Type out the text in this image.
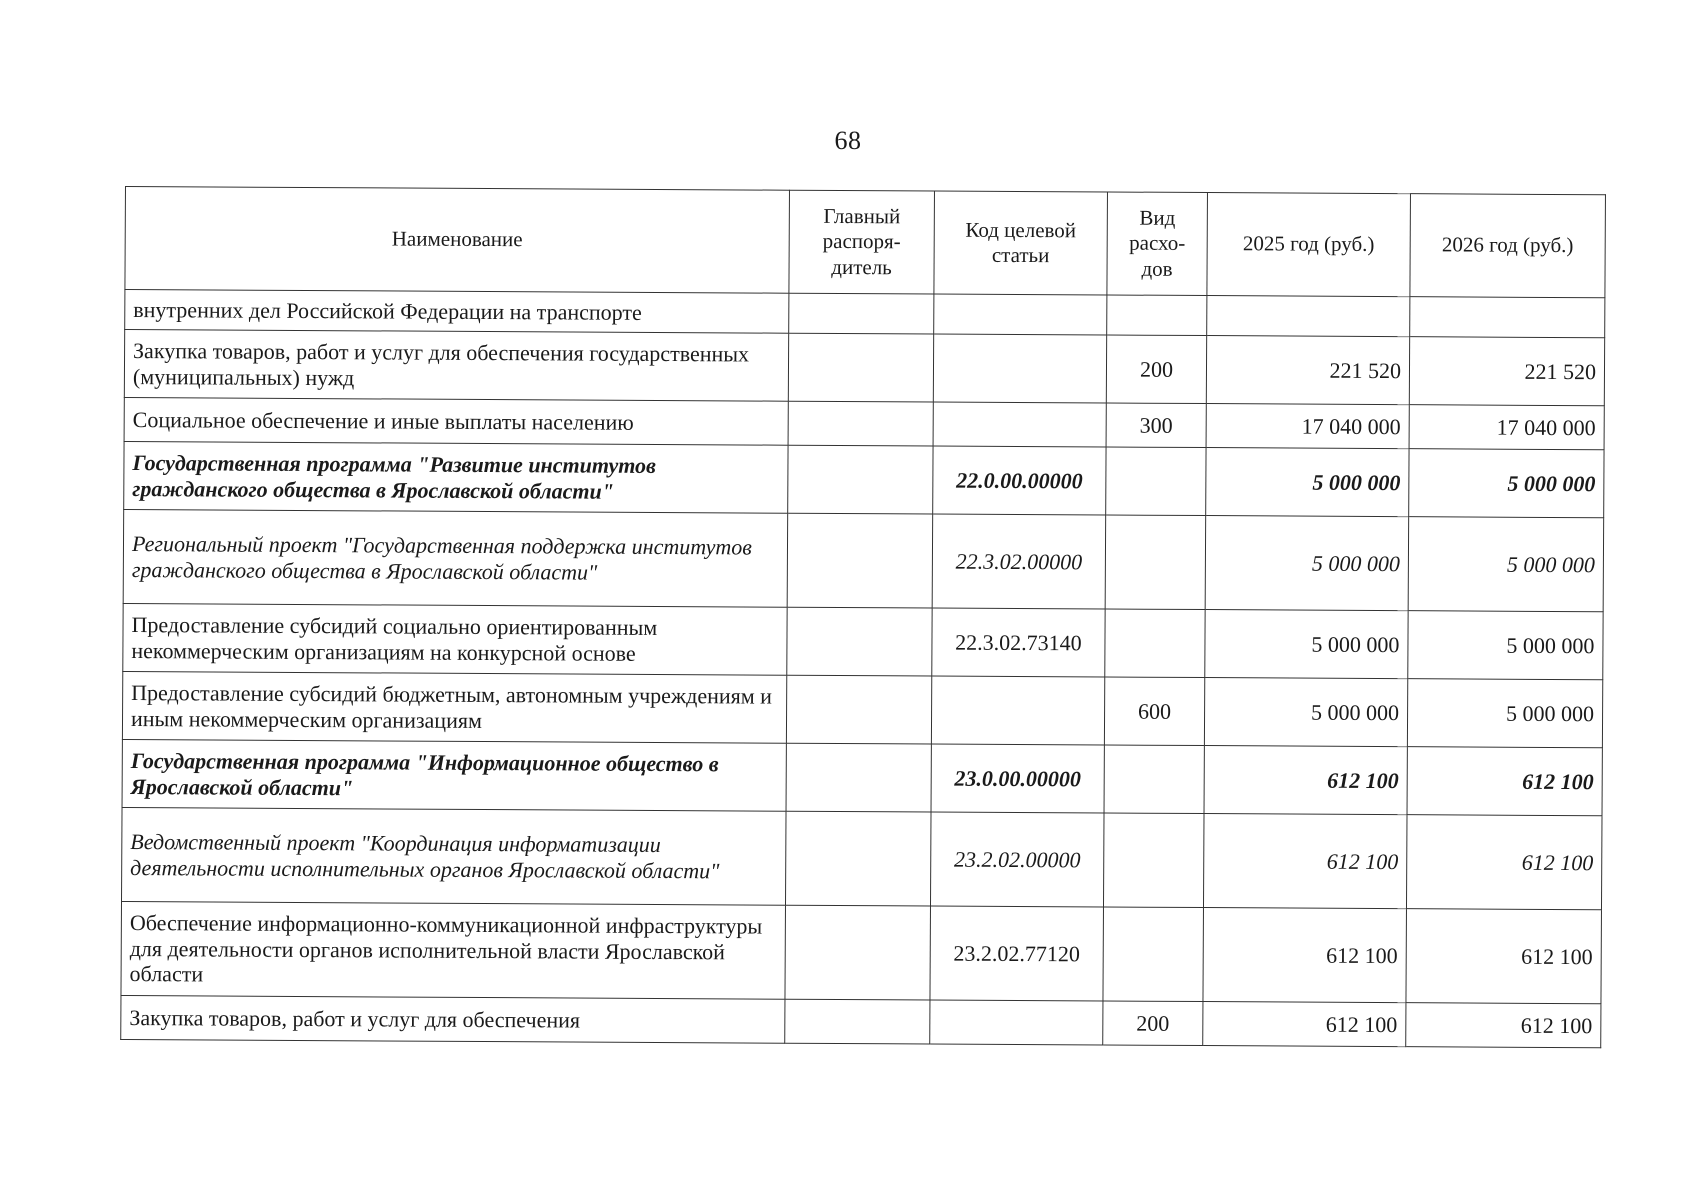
68
Наименование	Главный распоря-дитель	Код целевой статьи	Вид расхо-дов	2025 год (руб.)	2026 год (руб.)
внутренних дел Российской Федерации на транспорте					
Закупка товаров, работ и услуг для обеспечения государственных (муниципальных) нужд			200	221 520	221 520
Социальное обеспечение и иные выплаты населению			300	17 040 000	17 040 000
Государственная программа "Развитие институтов гражданского общества в Ярославской области"		22.0.00.00000		5 000 000	5 000 000
Региональный проект "Государственная поддержка институтов гражданского общества в Ярославской области"		22.3.02.00000		5 000 000	5 000 000
Предоставление субсидий социально ориентированным некоммерческим организациям на конкурсной основе		22.3.02.73140		5 000 000	5 000 000
Предоставление субсидий бюджетным, автономным учреждениям и иным некоммерческим организациям			600	5 000 000	5 000 000
Государственная программа "Информационное общество в Ярославской области"		23.0.00.00000		612 100	612 100
Ведомственный проект "Координация информатизации деятельности исполнительных органов Ярославской области"		23.2.02.00000		612 100	612 100
Обеспечение информационно-коммуникационной инфраструктуры для деятельности органов исполнительной власти Ярославской области		23.2.02.77120		612 100	612 100
Закупка товаров, работ и услуг для обеспечения			200	612 100	612 100
